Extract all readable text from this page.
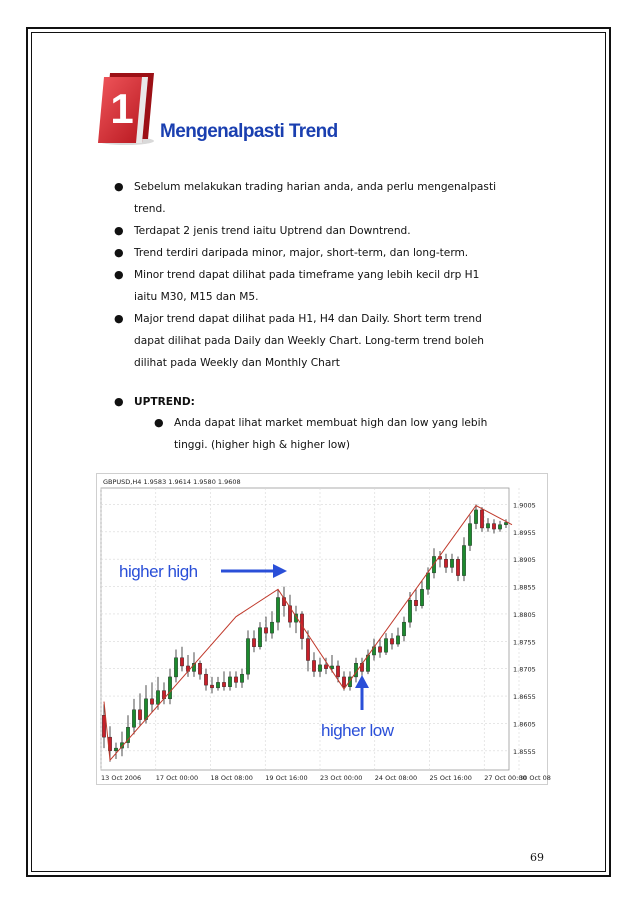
1 Mengenalpasti Trend
● Sebelum melakukan trading harian anda, anda perlu mengenalpasti
trend.
● Terdapat 2 jenis trend iaitu Uptrend dan Downtrend.
● Trend terdiri daripada minor, major, short-term, dan long-term.
● Minor trend dapat dilihat pada timeframe yang lebih kecil drp H1
iaitu M30, M15 dan M5.
● Major trend dapat dilihat pada H1, H4 dan Daily. Short term trend
dapat dilihat pada Daily dan Weekly Chart. Long-term trend boleh
dilihat pada Weekly dan Monthly Chart
● UPTREND:
● Anda dapat lihat market membuat high dan low yang lebih
tinggi. (higher high & higher low)
1.9005
1.8955
1.8905
1.8855
1.8805
1.8755
1.8705
1.8655
1.8605
1.8555
13 Oct 2006 17 Oct 00:00 18 Oct 08:00 19 Oct 16:00 23 Oct 00:00 24 Oct 08:00 25 Oct 16:00 27 Oct 00:00
30 Oct 08
GBPUSD,H4 1.9583 1.9614 1.9580 1.9608
higher high
higher low
69
